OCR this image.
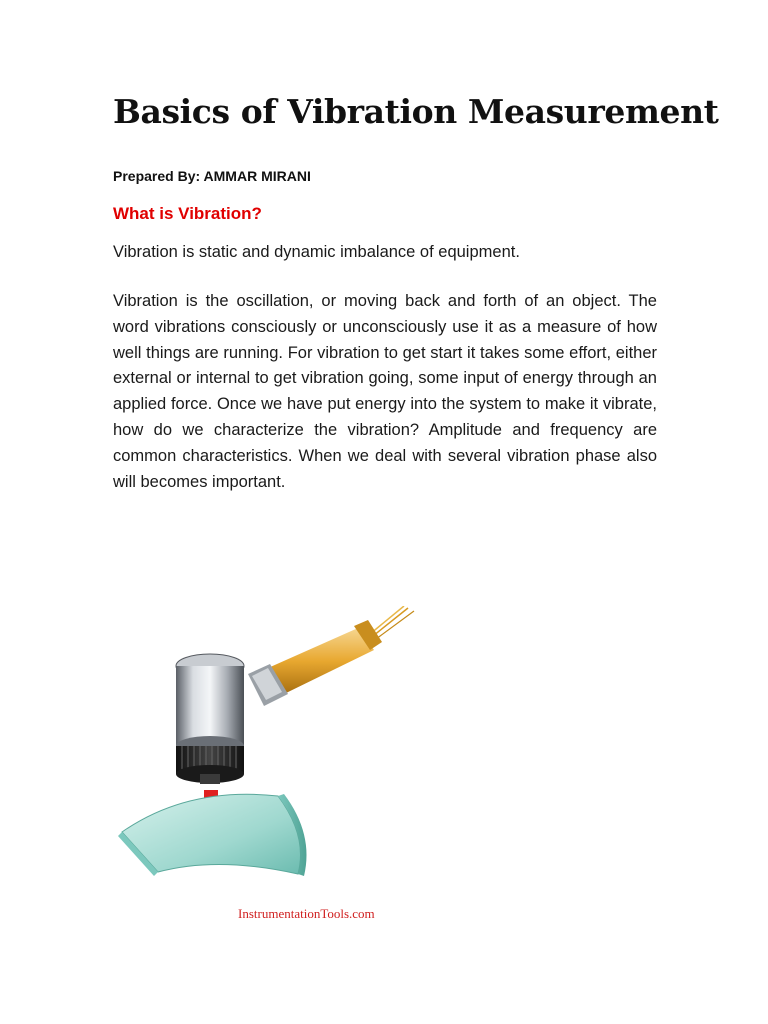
Basics of Vibration Measurement
Prepared By: AMMAR MIRANI
What is Vibration?

Vibration is static and dynamic imbalance of equipment.

Vibration is the oscillation, or moving back and forth of an object. The word vibrations consciously or unconsciously use it as a measure of how well things are running. For vibration to get start it takes some effort, either external or internal to get vibration going, some input of energy through an applied force. Once we have put energy into the system to make it vibrate, how do we characterize the vibration? Amplitude and frequency are common characteristics. When we deal with several vibration phase also will becomes important.

InstrumentationTools.com
